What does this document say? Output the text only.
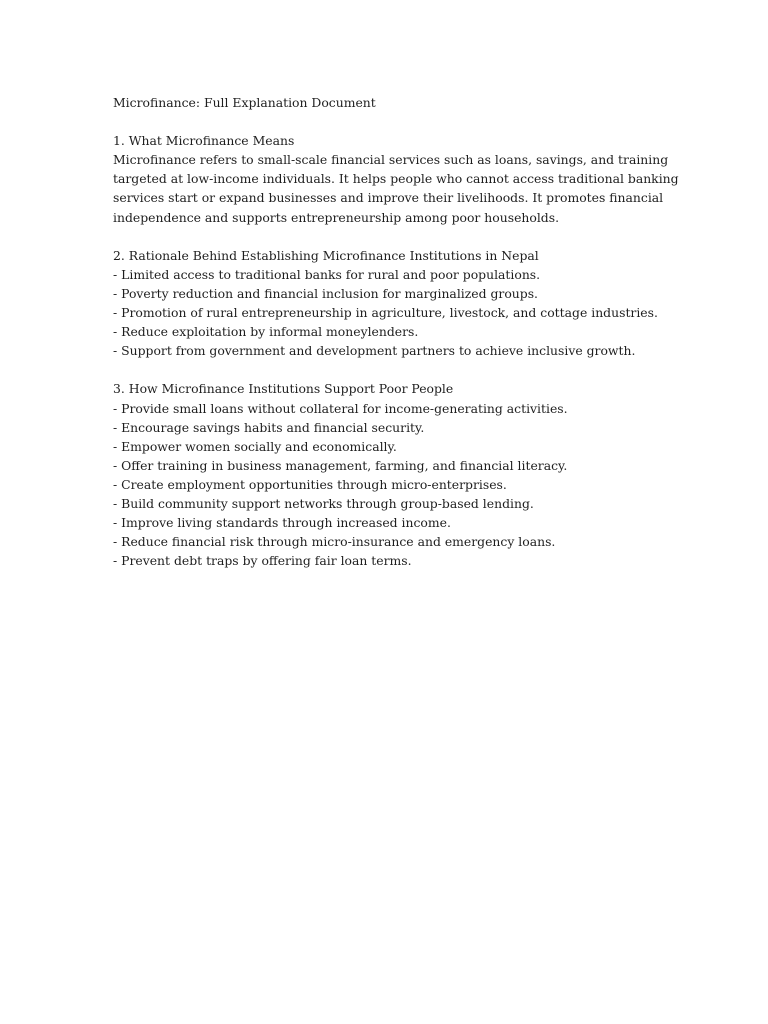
Microfinance: Full Explanation Document
1. What Microfinance Means
Microfinance refers to small-scale financial services such as loans, savings, and training
targeted at low-income individuals. It helps people who cannot access traditional banking
services start or expand businesses and improve their livelihoods. It promotes financial
independence and supports entrepreneurship among poor households.
2. Rationale Behind Establishing Microfinance Institutions in Nepal
- Limited access to traditional banks for rural and poor populations.
- Poverty reduction and financial inclusion for marginalized groups.
- Promotion of rural entrepreneurship in agriculture, livestock, and cottage industries.
- Reduce exploitation by informal moneylenders.
- Support from government and development partners to achieve inclusive growth.
3. How Microfinance Institutions Support Poor People
- Provide small loans without collateral for income-generating activities.
- Encourage savings habits and financial security.
- Empower women socially and economically.
- Offer training in business management, farming, and financial literacy.
- Create employment opportunities through micro-enterprises.
- Build community support networks through group-based lending.
- Improve living standards through increased income.
- Reduce financial risk through micro-insurance and emergency loans.
- Prevent debt traps by offering fair loan terms.
